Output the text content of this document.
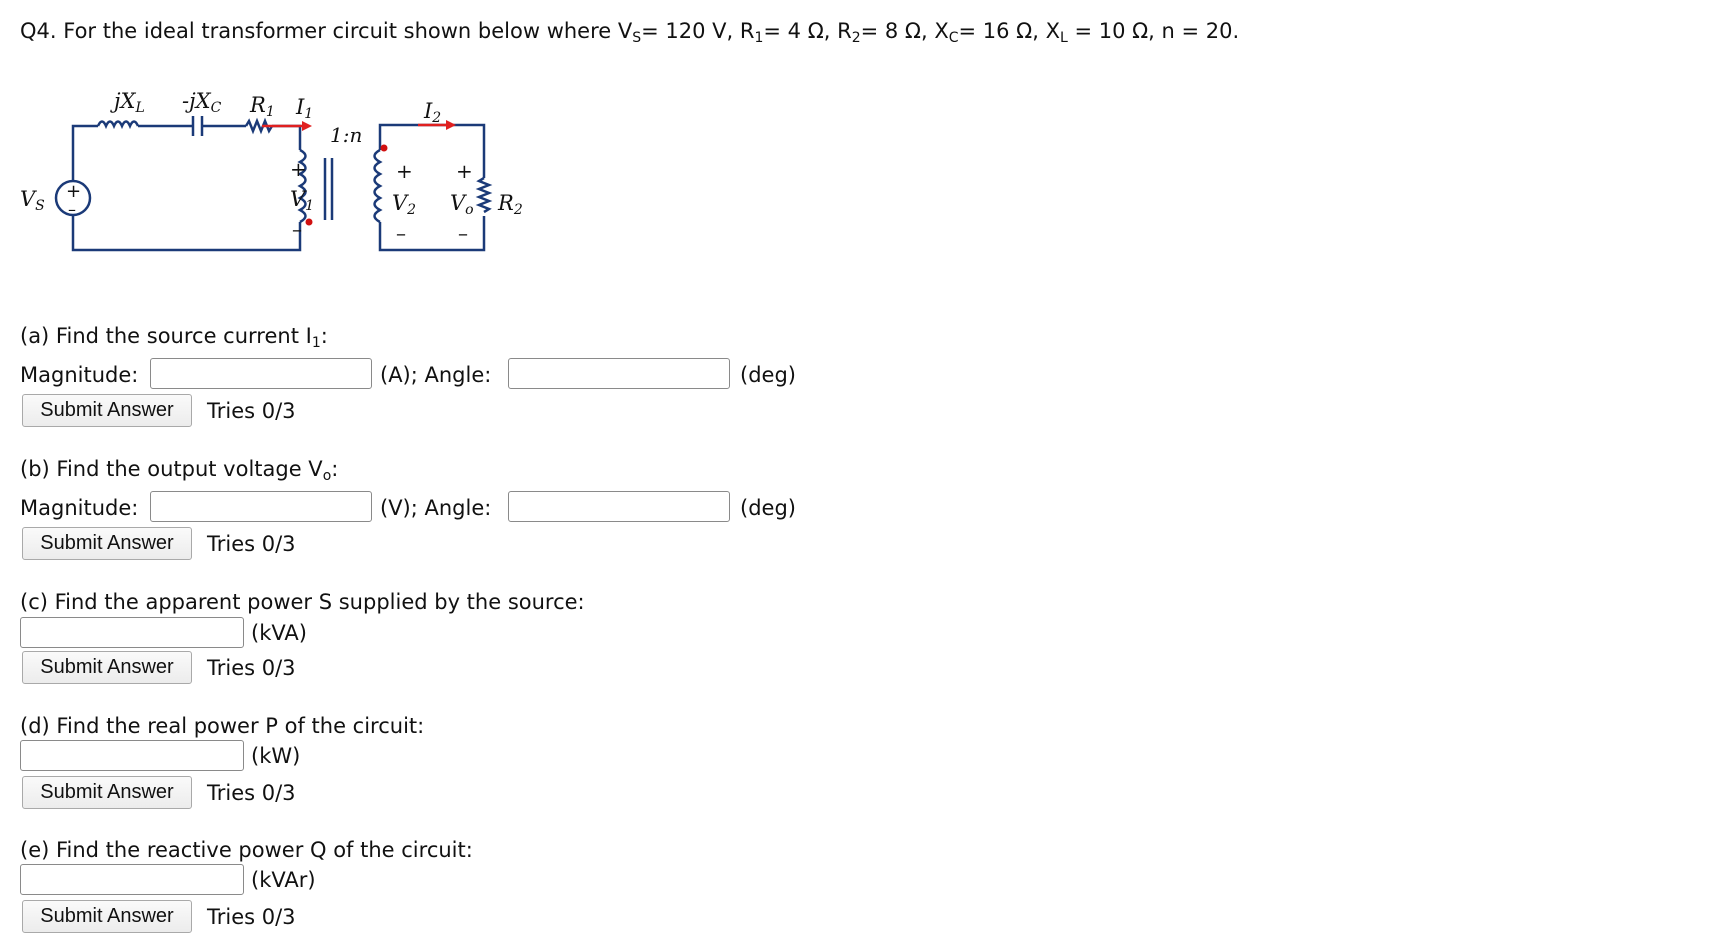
Q4. For the ideal transformer circuit shown below where $V_S= 120$ V, $R_1= 4$ Ω, $R_2= 8$ Ω, $X_C= 16$ Ω, $X_L = 10$ Ω, n = 20.
+
–
jXL -jXC R1 I1
1:n
I2
VS
+
V1
–
+
V2
–
+
Vo
–
R2
(a) Find the source current $I_1$:
Magnitude:	(A); Angle:	(deg)
Submit Answer	Tries 0/3
(b) Find the output voltage $V_o$:
Magnitude:	(V); Angle:	(deg)
Submit Answer	Tries 0/3
(c) Find the apparent power S supplied by the source:
(kVA)
Submit Answer	Tries 0/3
(d) Find the real power P of the circuit:
(kW)
Submit Answer	Tries 0/3
(e) Find the reactive power Q of the circuit:
(kVAr)
Submit Answer	Tries 0/3
